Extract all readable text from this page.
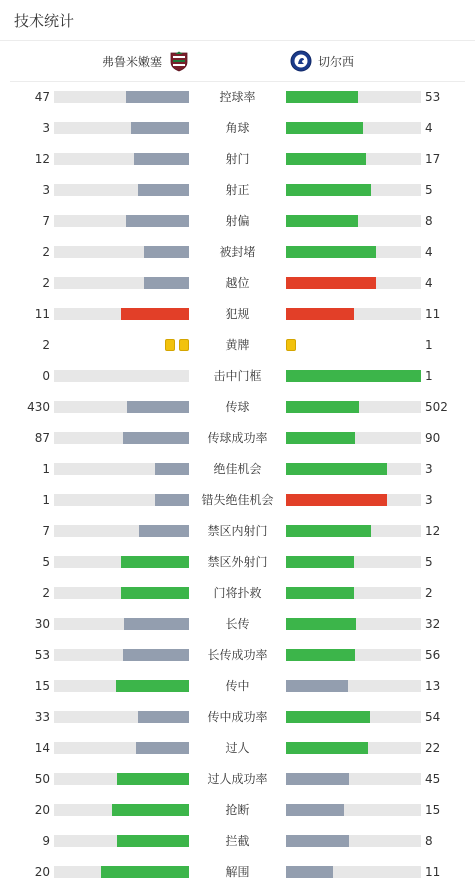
技术统计
弗鲁米嫩塞	切尔西
47	控球率	53
3	角球	4
12	射门	17
3	射正	5
7	射偏	8
2	被封堵	4
2	越位	4
11	犯规	11
2	黄牌	1
0	击中门框	1
430	传球	502
87	传球成功率	90
1	绝佳机会	3
1	错失绝佳机会	3
7	禁区内射门	12
5	禁区外射门	5
2	门将扑救	2
30	长传	32
53	长传成功率	56
15	传中	13
33	传中成功率	54
14	过人	22
50	过人成功率	45
20	抢断	15
9	拦截	8
20	解围	11
